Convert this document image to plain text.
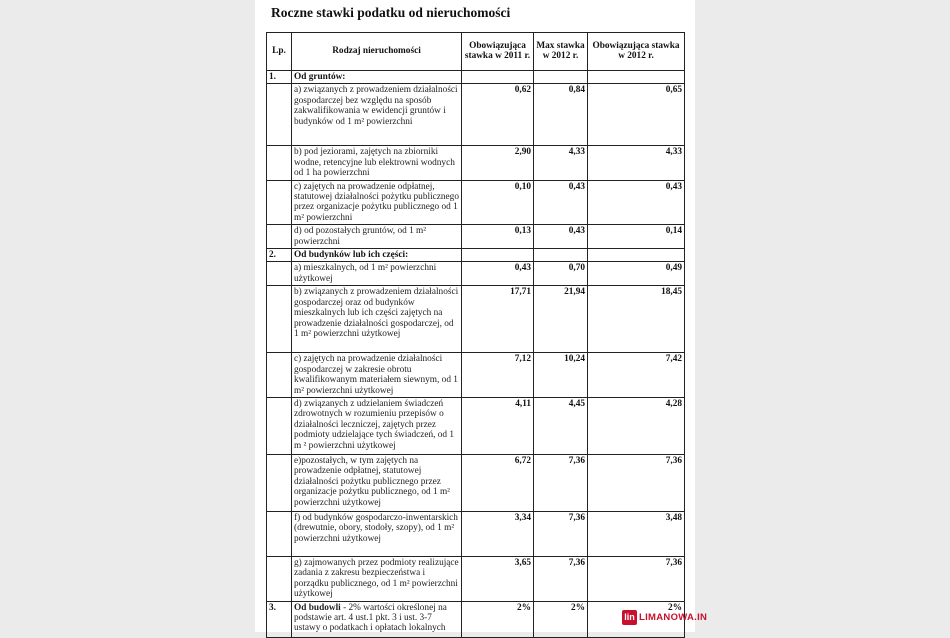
Roczne stawki podatku od nieruchomości
Lp.	Rodzaj nieruchomości	Obowiązująca stawka w 2011 r.	Max stawka w 2012 r.	Obowiązująca stawka w 2012 r.
1.	Od gruntów:			
	a) związanych z prowadzeniem działalności gospodarczej bez względu na sposób zakwalifikowania w ewidencji gruntów i budynków od 1 m² powierzchni	0,62	0,84	0,65
	b) pod jeziorami, zajętych na zbiorniki wodne, retencyjne lub elektrowni wodnych od 1 ha powierzchni	2,90	4,33	4,33
	c) zajętych na prowadzenie odpłatnej, statutowej działalności pożytku publicznego przez organizacje pożytku publicznego od 1 m² powierzchni	0,10	0,43	0,43
	d) od pozostałych gruntów, od 1 m² powierzchni	0,13	0,43	0,14
2.	Od budynków lub ich części:			
	a) mieszkalnych, od 1 m² powierzchni użytkowej	0,43	0,70	0,49
	b) związanych z prowadzeniem działalności gospodarczej oraz od budynków mieszkalnych lub ich części zajętych na prowadzenie działalności gospodarczej, od 1 m² powierzchni użytkowej	17,71	21,94	18,45
	c) zajętych na prowadzenie działalności gospodarczej w zakresie obrotu kwalifikowanym materiałem siewnym, od 1 m² powierzchni użytkowej	7,12	10,24	7,42
	d) związanych z udzielaniem świadczeń zdrowotnych w rozumieniu przepisów o działalności leczniczej, zajętych przez podmioty udzielające tych świadczeń, od 1 m ² powierzchni użytkowej	4,11	4,45	4,28
	e)pozostałych, w tym zajętych na prowadzenie odpłatnej, statutowej działalności pożytku publicznego przez organizacje pożytku publicznego, od 1 m² powierzchni użytkowej	6,72	7,36	7,36
	f) od budynków gospodarczo-inwentarskich (drewutnie, obory, stodoły, szopy), od 1 m² powierzchni użytkowej	3,34	7,36	3,48
	g) zajmowanych przez podmioty realizujące zadania z zakresu bezpieczeństwa i porządku publicznego, od 1 m² powierzchni użytkowej	3,65	7,36	7,36
3.	Od budowli - 2% wartości określonej na podstawie art. 4 ust.1 pkt. 3 i ust. 3-7 ustawy o podatkach i opłatach lokalnych	2%	2%	2%
lin LIMANOWA.IN
